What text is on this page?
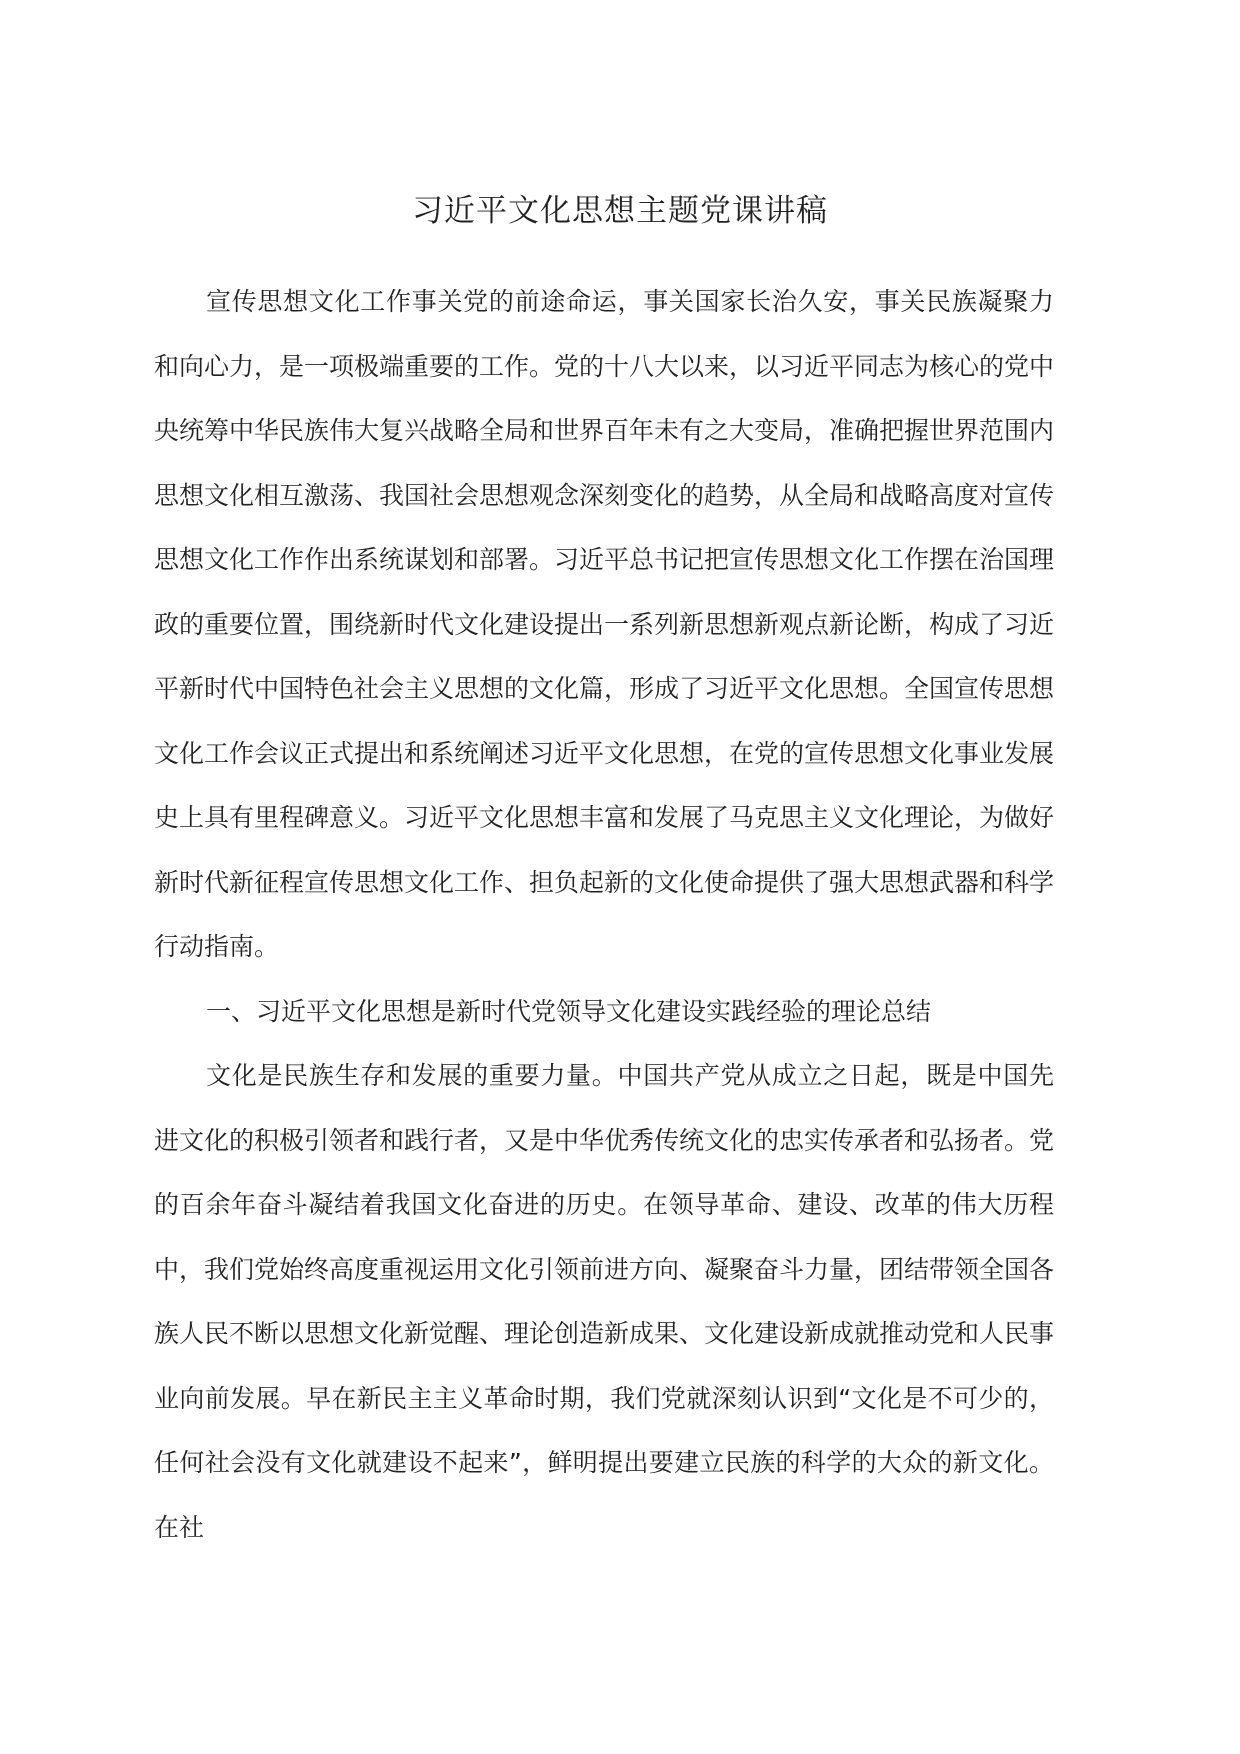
习近平文化思想主题党课讲稿

宣传思想文化工作事关党的前途命运，事关国家长治久安，事关民族凝聚力和向心力，是一项极端重要的工作。党的十八大以来，以习近平同志为核心的党中央统筹中华民族伟大复兴战略全局和世界百年未有之大变局，准确把握世界范围内思想文化相互激荡、我国社会思想观念深刻变化的趋势，从全局和战略高度对宣传思想文化工作作出系统谋划和部署。习近平总书记把宣传思想文化工作摆在治国理政的重要位置，围绕新时代文化建设提出一系列新思想新观点新论断，构成了习近平新时代中国特色社会主义思想的文化篇，形成了习近平文化思想。全国宣传思想文化工作会议正式提出和系统阐述习近平文化思想，在党的宣传思想文化事业发展史上具有里程碑意义。习近平文化思想丰富和发展了马克思主义文化理论，为做好新时代新征程宣传思想文化工作、担负起新的文化使命提供了强大思想武器和科学行动指南。

一、习近平文化思想是新时代党领导文化建设实践经验的理论总结

文化是民族生存和发展的重要力量。中国共产党从成立之日起，既是中国先进文化的积极引领者和践行者，又是中华优秀传统文化的忠实传承者和弘扬者。党的百余年奋斗凝结着我国文化奋进的历史。在领导革命、建设、改革的伟大历程中，我们党始终高度重视运用文化引领前进方向、凝聚奋斗力量，团结带领全国各族人民不断以思想文化新觉醒、理论创造新成果、文化建设新成就推动党和人民事业向前发展。早在新民主主义革命时期，我们党就深刻认识到“文化是不可少的，任何社会没有文化就建设不起来”，鲜明提出要建立民族的科学的大众的新文化。在社
